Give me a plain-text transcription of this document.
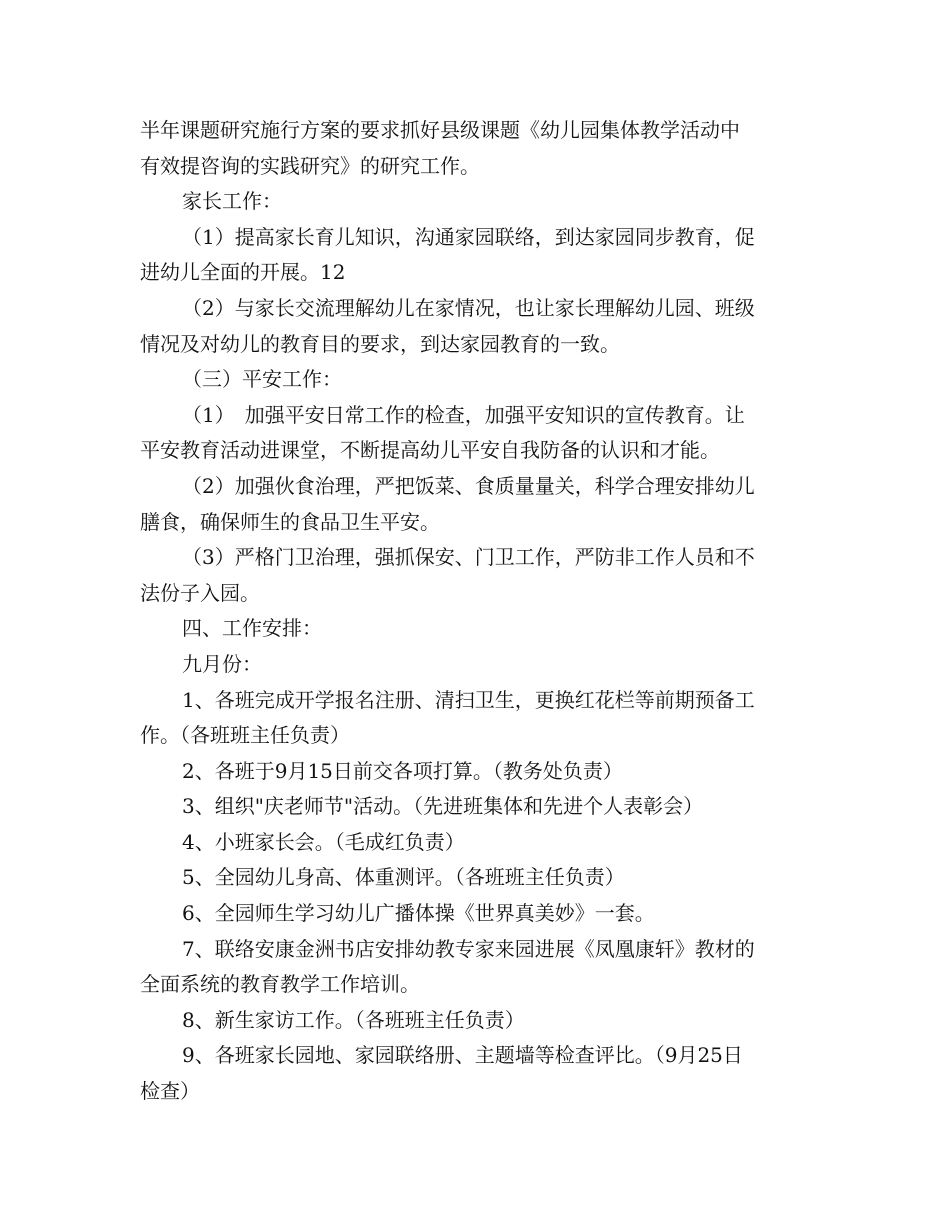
半年课题研究施行方案的要求抓好县级课题《幼儿园集体教学活动中
有效提咨询的实践研究》的研究工作。
家长工作：
（1）提高家长育儿知识，沟通家园联络，到达家园同步教育，促
进幼儿全面的开展。12
（2）与家长交流理解幼儿在家情况，也让家长理解幼儿园、班级
情况及对幼儿的教育目的要求，到达家园教育的一致。
（三）平安工作：
（1）　加强平安日常工作的检查，加强平安知识的宣传教育。让
平安教育活动进课堂，不断提高幼儿平安自我防备的认识和才能。
（2）加强伙食治理，严把饭菜、食质量量关，科学合理安排幼儿
膳食，确保师生的食品卫生平安。
（3）严格门卫治理，强抓保安、门卫工作，严防非工作人员和不
法份子入园。
四、工作安排：
九月份：
1、各班完成开学报名注册、清扫卫生，更换红花栏等前期预备工
作。（各班班主任负责）
2、各班于9月15日前交各项打算。（教务处负责）
3、组织"庆老师节"活动。（先进班集体和先进个人表彰会）
4、小班家长会。（毛成红负责）
5、全园幼儿身高、体重测评。（各班班主任负责）
6、全园师生学习幼儿广播体操《世界真美妙》一套。
7、联络安康金洲书店安排幼教专家来园进展《凤凰康轩》教材的
全面系统的教育教学工作培训。
8、新生家访工作。（各班班主任负责）
9、各班家长园地、家园联络册、主题墙等检查评比。（9月25日
检查）
